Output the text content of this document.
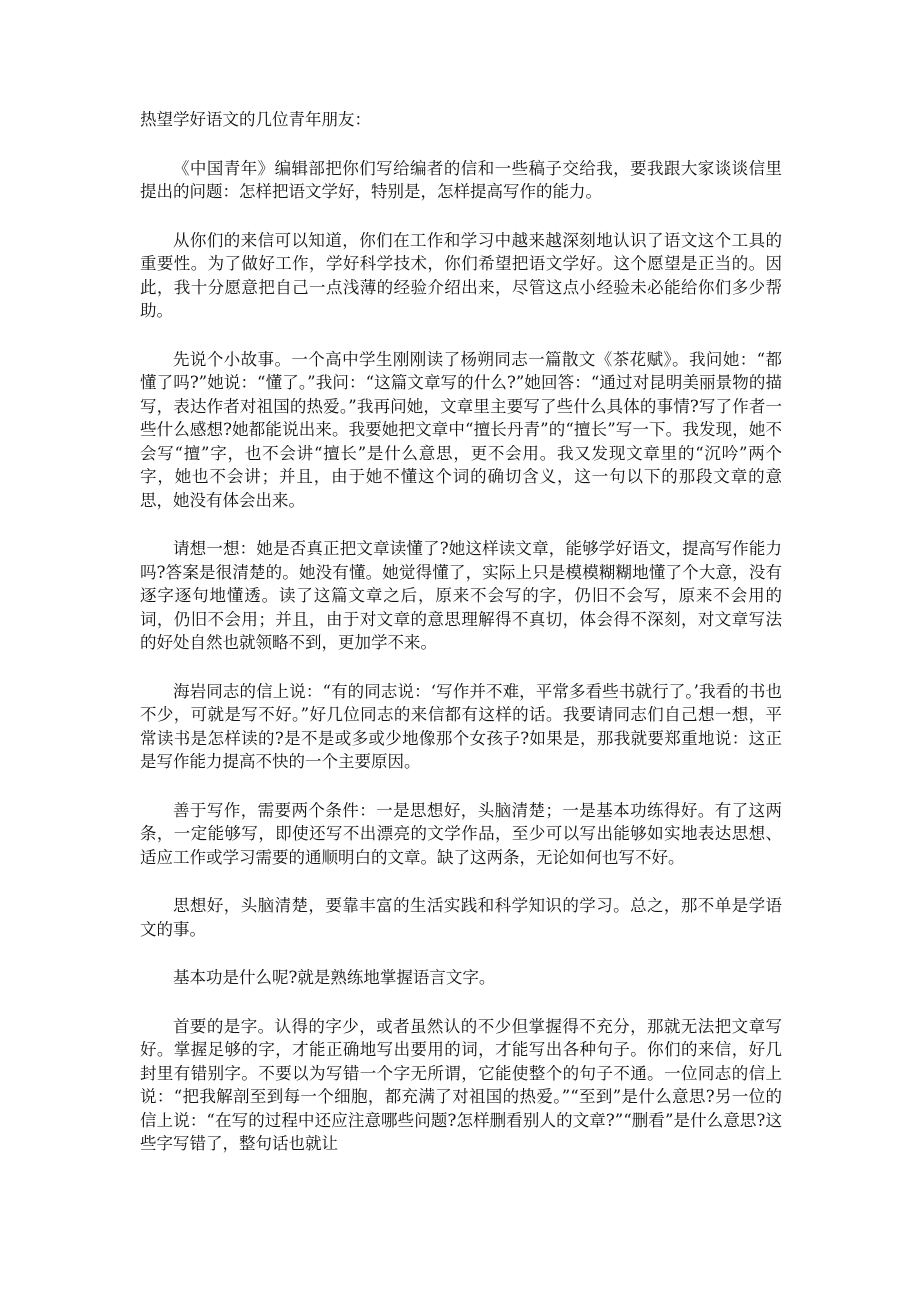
热望学好语文的几位青年朋友：

《中国青年》编辑部把你们写给编者的信和一些稿子交给我，要我跟大家谈谈信里提出的问题：怎样把语文学好，特别是，怎样提高写作的能力。

从你们的来信可以知道，你们在工作和学习中越来越深刻地认识了语文这个工具的重要性。为了做好工作，学好科学技术，你们希望把语文学好。这个愿望是正当的。因此，我十分愿意把自己一点浅薄的经验介绍出来，尽管这点小经验未必能给你们多少帮助。

先说个小故事。一个高中学生刚刚读了杨朔同志一篇散文《茶花赋》。我问她：“都懂了吗?”她说：“懂了。”我问：“这篇文章写的什么?”她回答：“通过对昆明美丽景物的描写，表达作者对祖国的热爱。”我再问她，文章里主要写了些什么具体的事情?写了作者一些什么感想?她都能说出来。我要她把文章中“擅长丹青”的“擅长”写一下。我发现，她不会写“擅”字，也不会讲“擅长”是什么意思，更不会用。我又发现文章里的“沉吟”两个字，她也不会讲；并且，由于她不懂这个词的确切含义，这一句以下的那段文章的意思，她没有体会出来。

请想一想：她是否真正把文章读懂了?她这样读文章，能够学好语文，提高写作能力吗?答案是很清楚的。她没有懂。她觉得懂了，实际上只是模模糊糊地懂了个大意，没有逐字逐句地懂透。读了这篇文章之后，原来不会写的字，仍旧不会写，原来不会用的词，仍旧不会用；并且，由于对文章的意思理解得不真切，体会得不深刻，对文章写法的好处自然也就领略不到，更加学不来。

海岩同志的信上说：“有的同志说：‘写作并不难，平常多看些书就行了。’我看的书也不少，可就是写不好。”好几位同志的来信都有这样的话。我要请同志们自己想一想，平常读书是怎样读的?是不是或多或少地像那个女孩子?如果是，那我就要郑重地说：这正是写作能力提高不快的一个主要原因。

善于写作，需要两个条件：一是思想好，头脑清楚；一是基本功练得好。有了这两条，一定能够写，即使还写不出漂亮的文学作品，至少可以写出能够如实地表达思想、适应工作或学习需要的通顺明白的文章。缺了这两条，无论如何也写不好。

思想好，头脑清楚，要靠丰富的生活实践和科学知识的学习。总之，那不单是学语文的事。

基本功是什么呢?就是熟练地掌握语言文字。

首要的是字。认得的字少，或者虽然认的不少但掌握得不充分，那就无法把文章写好。掌握足够的字，才能正确地写出要用的词，才能写出各种句子。你们的来信，好几封里有错别字。不要以为写错一个字无所谓，它能使整个的句子不通。一位同志的信上说：“把我解剖至到每一个细胞，都充满了对祖国的热爱。”“至到”是什么意思?另一位的信上说：“在写的过程中还应注意哪些问题?怎样删看别人的文章?”“删看”是什么意思?这些字写错了，整句话也就让
